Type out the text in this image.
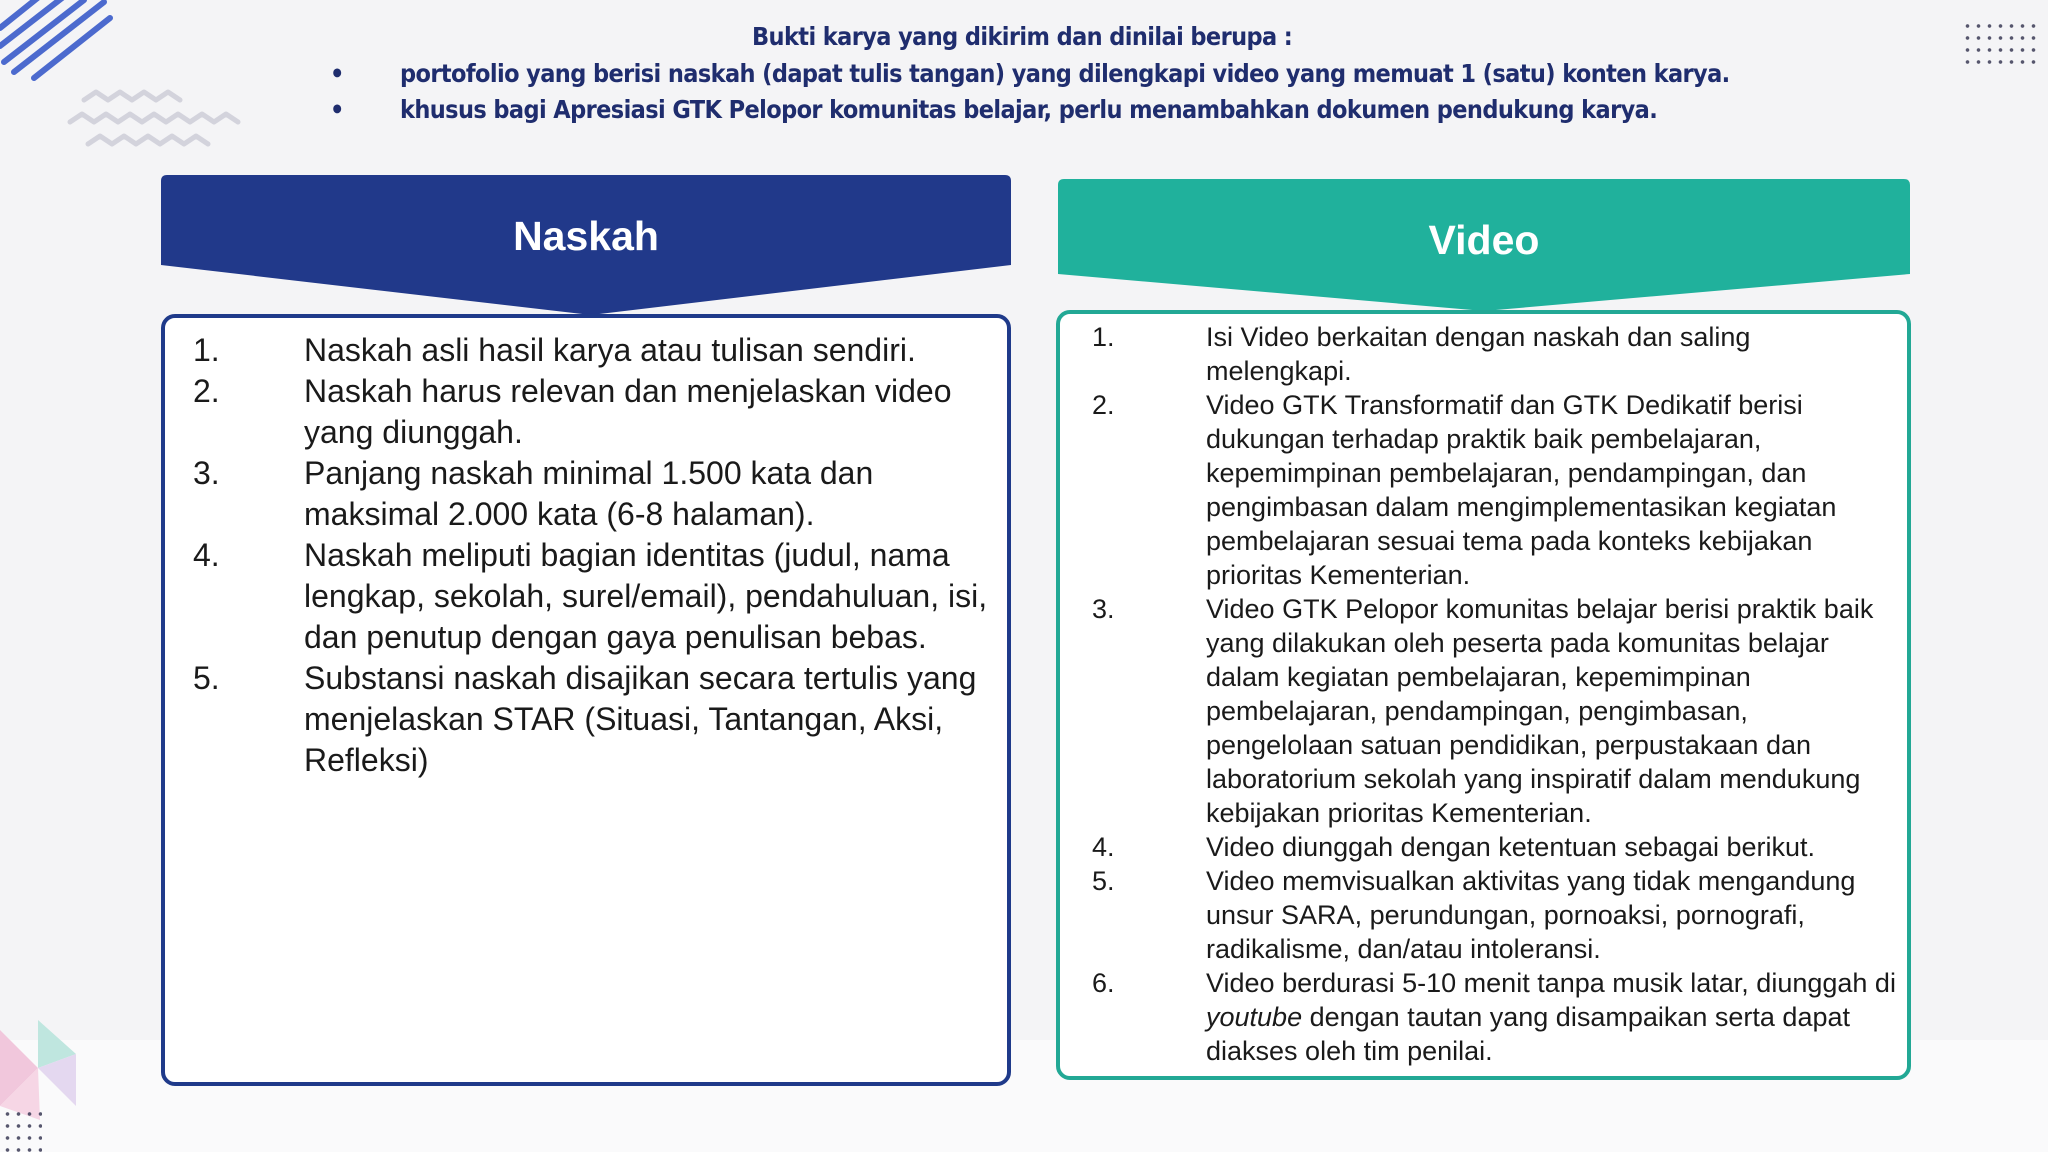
Bukti karya yang dikirim dan dinilai berupa :
• portofolio yang berisi naskah (dapat tulis tangan) yang dilengkapi video yang memuat 1 (satu) konten karya.
• khusus bagi Apresiasi GTK Pelopor komunitas belajar, perlu menambahkan dokumen pendukung karya.
Naskah	Video
1.	Naskah asli hasil karya atau tulisan sendiri.
2.	Naskah harus relevan dan menjelaskan video yang diunggah.
3.	Panjang naskah minimal 1.500 kata dan maksimal 2.000 kata (6-8 halaman).
4.	Naskah meliputi bagian identitas (judul, nama lengkap, sekolah, surel/email), pendahuluan, isi, dan penutup dengan gaya penulisan bebas.
5.	Substansi naskah disajikan secara tertulis yang menjelaskan STAR (Situasi, Tantangan, Aksi, Refleksi)
1.	Isi Video berkaitan dengan naskah dan saling melengkapi.
2.	Video GTK Transformatif dan GTK Dedikatif berisi dukungan terhadap praktik baik pembelajaran, kepemimpinan pembelajaran, pendampingan, dan pengimbasan dalam mengimplementasikan kegiatan pembelajaran sesuai tema pada konteks kebijakan prioritas Kementerian.
3.	Video GTK Pelopor komunitas belajar berisi praktik baik yang dilakukan oleh peserta pada komunitas belajar dalam kegiatan pembelajaran, kepemimpinan pembelajaran, pendampingan, pengimbasan, pengelolaan satuan pendidikan, perpustakaan dan laboratorium sekolah yang inspiratif dalam mendukung kebijakan prioritas Kementerian.
4.	Video diunggah dengan ketentuan sebagai berikut.
5.	Video memvisualkan aktivitas yang tidak mengandung unsur SARA, perundungan, pornoaksi, pornografi, radikalisme, dan/atau intoleransi.
6.	Video berdurasi 5-10 menit tanpa musik latar, diunggah di youtube dengan tautan yang disampaikan serta dapat diakses oleh tim penilai.
